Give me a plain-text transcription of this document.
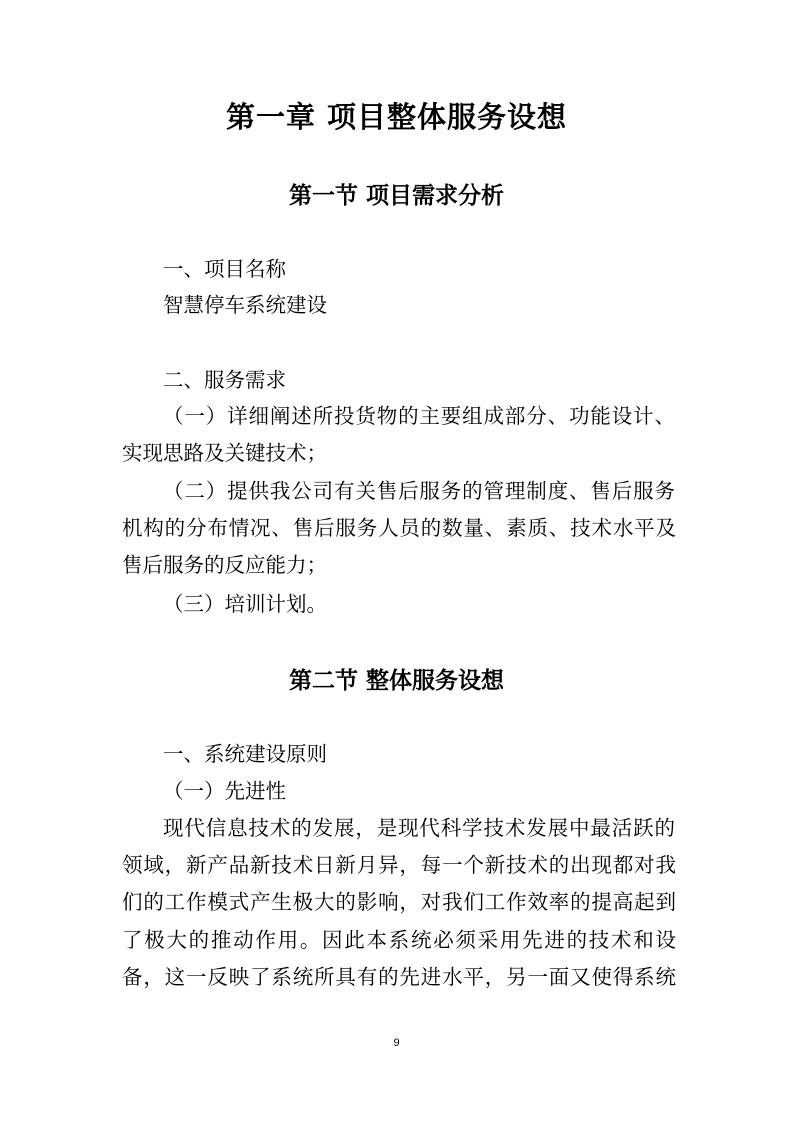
第一章 项目整体服务设想
第一节 项目需求分析
一、项目名称
智慧停车系统建设
二、服务需求
（一）详细阐述所投货物的主要组成部分、功能设计、
实现思路及关键技术；
（二）提供我公司有关售后服务的管理制度、售后服务
机构的分布情况、售后服务人员的数量、素质、技术水平及
售后服务的反应能力；
（三）培训计划。
第二节 整体服务设想
一、系统建设原则
（一）先进性
现代信息技术的发展，是现代科学技术发展中最活跃的
领域，新产品新技术日新月异，每一个新技术的出现都对我
们的工作模式产生极大的影响，对我们工作效率的提高起到
了极大的推动作用。因此本系统必须采用先进的技术和设
备，这一反映了系统所具有的先进水平，另一面又使得系统
9
